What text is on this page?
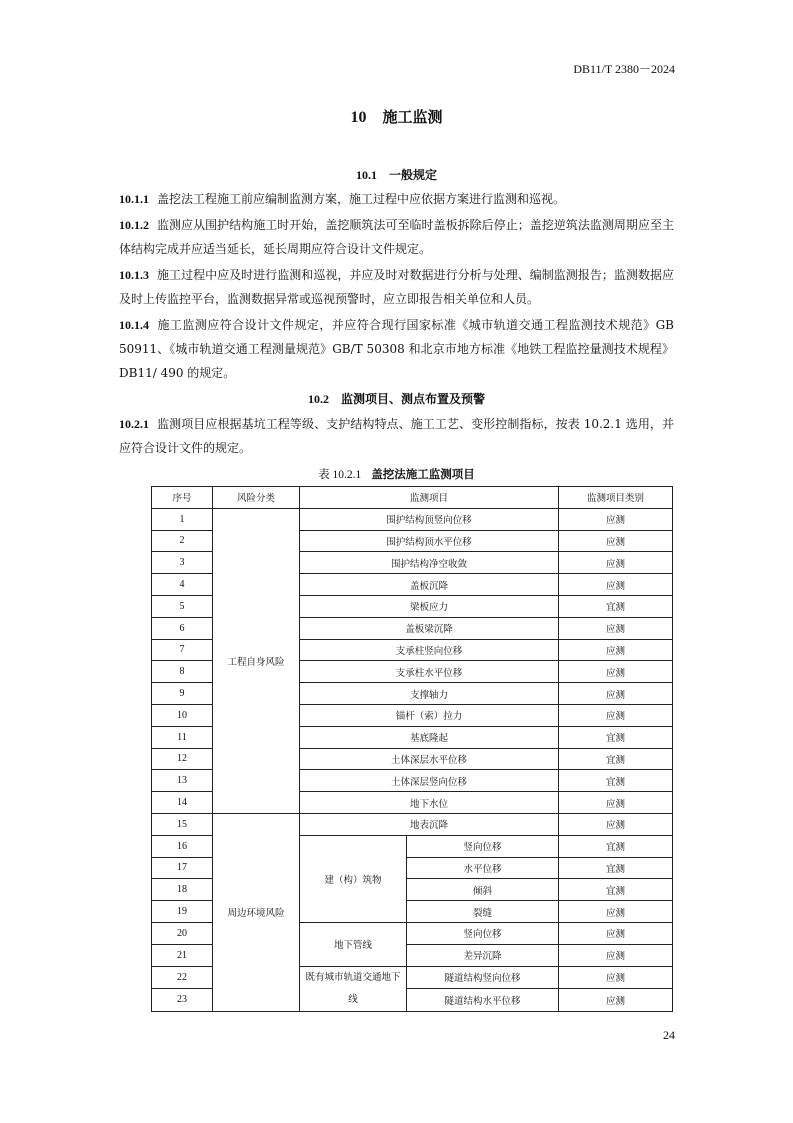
DB11/T 2380－2024
10 施工监测
10.1 一般规定
10.1.1 盖挖法工程施工前应编制监测方案，施工过程中应依据方案进行监测和巡视。
10.1.2 监测应从围护结构施工时开始，盖挖顺筑法可至临时盖板拆除后停止；盖挖逆筑法监测周期应至主体结构完成并应适当延长，延长周期应符合设计文件规定。
10.1.3 施工过程中应及时进行监测和巡视，并应及时对数据进行分析与处理、编制监测报告；监测数据应及时上传监控平台，监测数据异常或巡视预警时，应立即报告相关单位和人员。
10.1.4 施工监测应符合设计文件规定，并应符合现行国家标准《城市轨道交通工程监测技术规范》GB 50911、《城市轨道交通工程测量规范》GB/T 50308 和北京市地方标准《地铁工程监控量测技术规程》DB11/ 490 的规定。
10.2 监测项目、测点布置及预警
10.2.1 监测项目应根据基坑工程等级、支护结构特点、施工工艺、变形控制指标，按表 10.2.1 选用，并应符合设计文件的规定。
表 10.2.1 盖挖法施工监测项目
序号	风险分类	监测项目		监测项目类别
1	工程自身风险	围护结构顶竖向位移		应测
2		围护结构顶水平位移		应测
3		围护结构净空收敛		应测
4		盖板沉降		应测
5		梁板应力		宜测
6		盖板梁沉降		应测
7		支承柱竖向位移		应测
8		支承柱水平位移		应测
9		支撑轴力		应测
10		锚杆（索）拉力		应测
11		基底隆起		宜测
12		土体深层水平位移		宜测
13		土体深层竖向位移		宜测
14		地下水位		应测
15	周边环境风险	地表沉降		应测
16		建（构）筑物	竖向位移	宜测
17			水平位移	宜测
18			倾斜	宜测
19			裂缝	应测
20		地下管线	竖向位移	应测
21			差异沉降	应测
22		既有城市轨道交通地下线	隧道结构竖向位移	应测
23			隧道结构水平位移	应测
24
